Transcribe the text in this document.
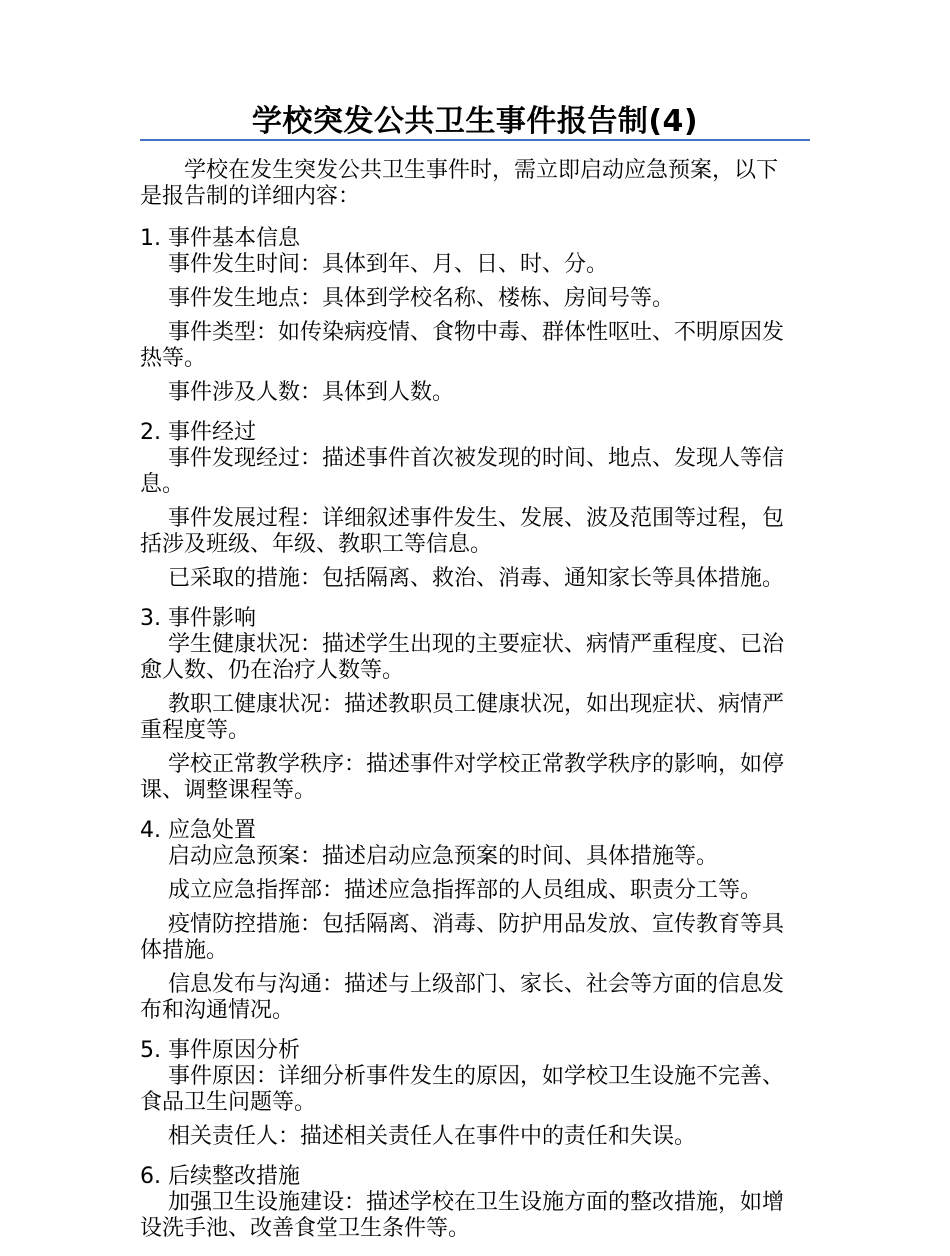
学校突发公共卫生事件报告制(4)

学校在发生突发公共卫生事件时，需立即启动应急预案，以下是报告制的详细内容：

1. 事件基本信息

事件发生时间：具体到年、月、日、时、分。

事件发生地点：具体到学校名称、楼栋、房间号等。

事件类型：如传染病疫情、食物中毒、群体性呕吐、不明原因发热等。

事件涉及人数：具体到人数。

2. 事件经过

事件发现经过：描述事件首次被发现的时间、地点、发现人等信息。

事件发展过程：详细叙述事件发生、发展、波及范围等过程，包括涉及班级、年级、教职工等信息。

已采取的措施：包括隔离、救治、消毒、通知家长等具体措施。

3. 事件影响

学生健康状况：描述学生出现的主要症状、病情严重程度、已治愈人数、仍在治疗人数等。

教职工健康状况：描述教职员工健康状况，如出现症状、病情严重程度等。

学校正常教学秩序：描述事件对学校正常教学秩序的影响，如停课、调整课程等。

4. 应急处置

启动应急预案：描述启动应急预案的时间、具体措施等。

成立应急指挥部：描述应急指挥部的人员组成、职责分工等。

疫情防控措施：包括隔离、消毒、防护用品发放、宣传教育等具体措施。

信息发布与沟通：描述与上级部门、家长、社会等方面的信息发布和沟通情况。

5. 事件原因分析

事件原因：详细分析事件发生的原因，如学校卫生设施不完善、食品卫生问题等。

相关责任人：描述相关责任人在事件中的责任和失误。

6. 后续整改措施

加强卫生设施建设：描述学校在卫生设施方面的整改措施，如增设洗手池、改善食堂卫生条件等。
